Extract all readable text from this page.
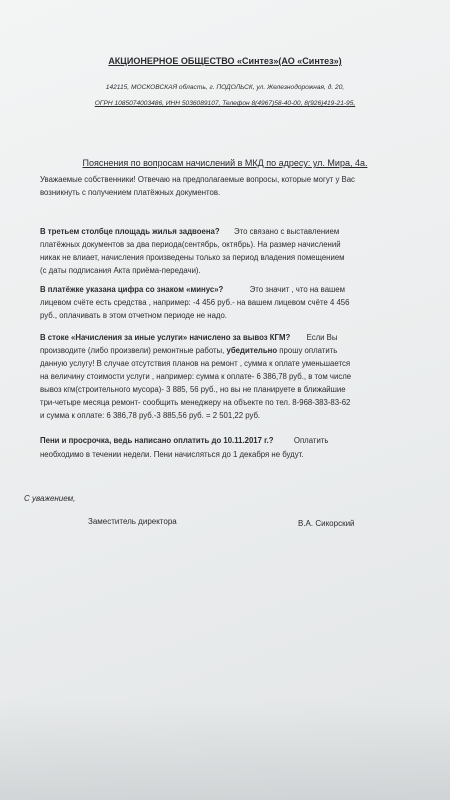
АКЦИОНЕРНОЕ ОБЩЕСТВО «Синтез»(АО «Синтез»)
142115, МОСКОВСКАЯ область, г. ПОДОЛЬСК, ул. Железнодорожная, д. 20,
ОГРН 1085074003486, ИНН 5036089107, Телефон 8(4967)58-40-00, 8(926)419-21-95,
Пояснения по вопросам начислений в МКД по адресу: ул. Мира, 4а.
Уважаемые собственники! Отвечаю на предполагаемые вопросы, которые могут у Вас
возникнуть с получением платёжных документов.
В третьем столбце площадь жилья задвоена? Это связано с выставлением
платёжных документов за два периода(сентябрь, октябрь). На размер начислений
никак не влиает, начисления произведены только за период владения помещением
(с даты подписания Акта приёма-передачи).
В платёжке указана цифра со знаком «минус»?	Это значит , что на вашем
лицевом счёте есть средства , например: -4 456 руб.- на вашем лицевом счёте 4 456
руб., оплачивать в этом отчетном периоде не надо.
В стоке «Начисления за иные услуги» начислено за вывоз КГМ? Если Вы
производите (либо произвели) ремонтные работы, убедительно прошу оплатить
данную услугу! В случае отсутствия планов на ремонт , сумма к оплате уменьшается
на величину стоимости услуги , например: сумма к оплате- 6 386,78 руб., в том числе
вывоз кгм(строительного мусора)- 3 885, 56 руб., но вы не планируете в ближайшие
три-четыре месяца ремонт- сообщить менеджеру на объекте по тел. 8-968-383-83-62
и сумма к оплате: 6 386,78 руб.-3 885,56 руб. = 2 501,22 руб.
Пени и просрочка, ведь написано оплатить до 10.11.2017 г.?	Оплатить
необходимо в течении недели. Пени начисляться до 1 декабря не будут.
С уважением,
Заместитель директора	В.А. Сикорский
